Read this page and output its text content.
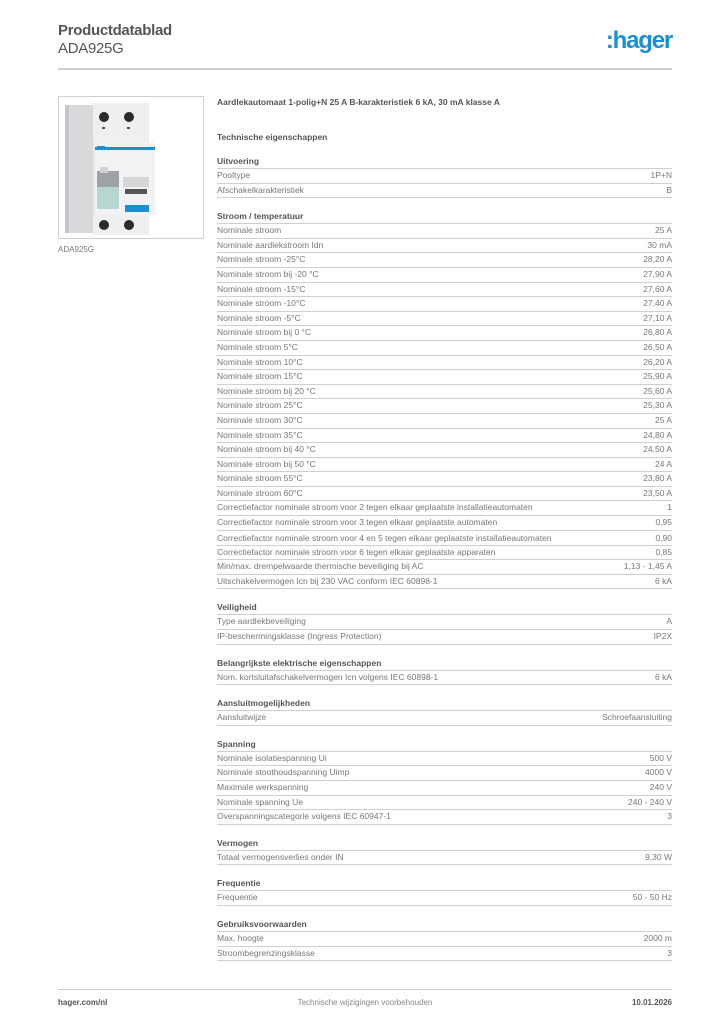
Productdatablad
ADA925G	:hager
ADA925G
Aardlekautomaat 1-polig+N 25 A B-karakteristiek 6 kA, 30 mA klasse A
Technische eigenschappen
Uitvoering
Pooltype	1P+N
Afschakelkarakteristiek	B
Stroom / temperatuur
Nominale stroom	25 A
Nominale aardlekstroom Idn	30 mA
Nominale stroom -25°C	28,20 A
Nominale stroom bij -20 °C	27,90 A
Nominale stroom -15°C	27,60 A
Nominale stroom -10°C	27,40 A
Nominale stroom -5°C	27,10 A
Nominale stroom bij 0 °C	26,80 A
Nominale stroom 5°C	26,50 A
Nominale stroom 10°C	26,20 A
Nominale stroom 15°C	25,90 A
Nominale stroom bij 20 °C	25,60 A
Nominale stroom 25°C	25,30 A
Nominale stroom 30°C	25 A
Nominale stroom 35°C	24,80 A
Nominale stroom bij 40 °C	24,50 A
Nominale stroom bij 50 °C	24 A
Nominale stroom 55°C	23,80 A
Nominale stroom 60°C	23,50 A
Correctiefactor nominale stroom voor 2 tegen elkaar geplaatste installatieautomaten	1
Correctiefactor nominale stroom voor 3 tegen elkaar geplaatste automaten	0,95
Correctiefactor nominale stroom voor 4 en 5 tegen elkaar geplaatste installatieautomaten	0,90
Correctiefactor nominale stroom voor 6 tegen elkaar geplaatste apparaten	0,85
Min/max. drempelwaarde thermische beveiliging bij AC	1,13 - 1,45 A
Uitschakelvermogen Icn bij 230 VAC conform IEC 60898-1	6 kA
Veiligheid
Type aardlekbeveiliging	A
IP-beschermingsklasse (Ingress Protection)	IP2X
Belangrijkste elektrische eigenschappen
Nom. kortsluitafschakelvermogen Icn volgens IEC 60898-1	6 kA
Aansluitmogelijkheden
Aansluitwijze	Schroefaansluiting
Spanning
Nominale isolatiespanning Ui	500 V
Nominale stoothoudspanning Uimp	4000 V
Maximale werkspanning	240 V
Nominale spanning Ue	240 - 240 V
Overspanningscategorie volgens IEC 60947-1	3
Vermogen
Totaal vermogensverlies onder IN	9,30 W
Frequentie
Frequentie	50 - 50 Hz
Gebruiksvoorwaarden
Max. hoogte	2000 m
Stroombegrenzingsklasse	3
hager.com/nl	Technische wijzigingen voorbehouden	10.01.2026
